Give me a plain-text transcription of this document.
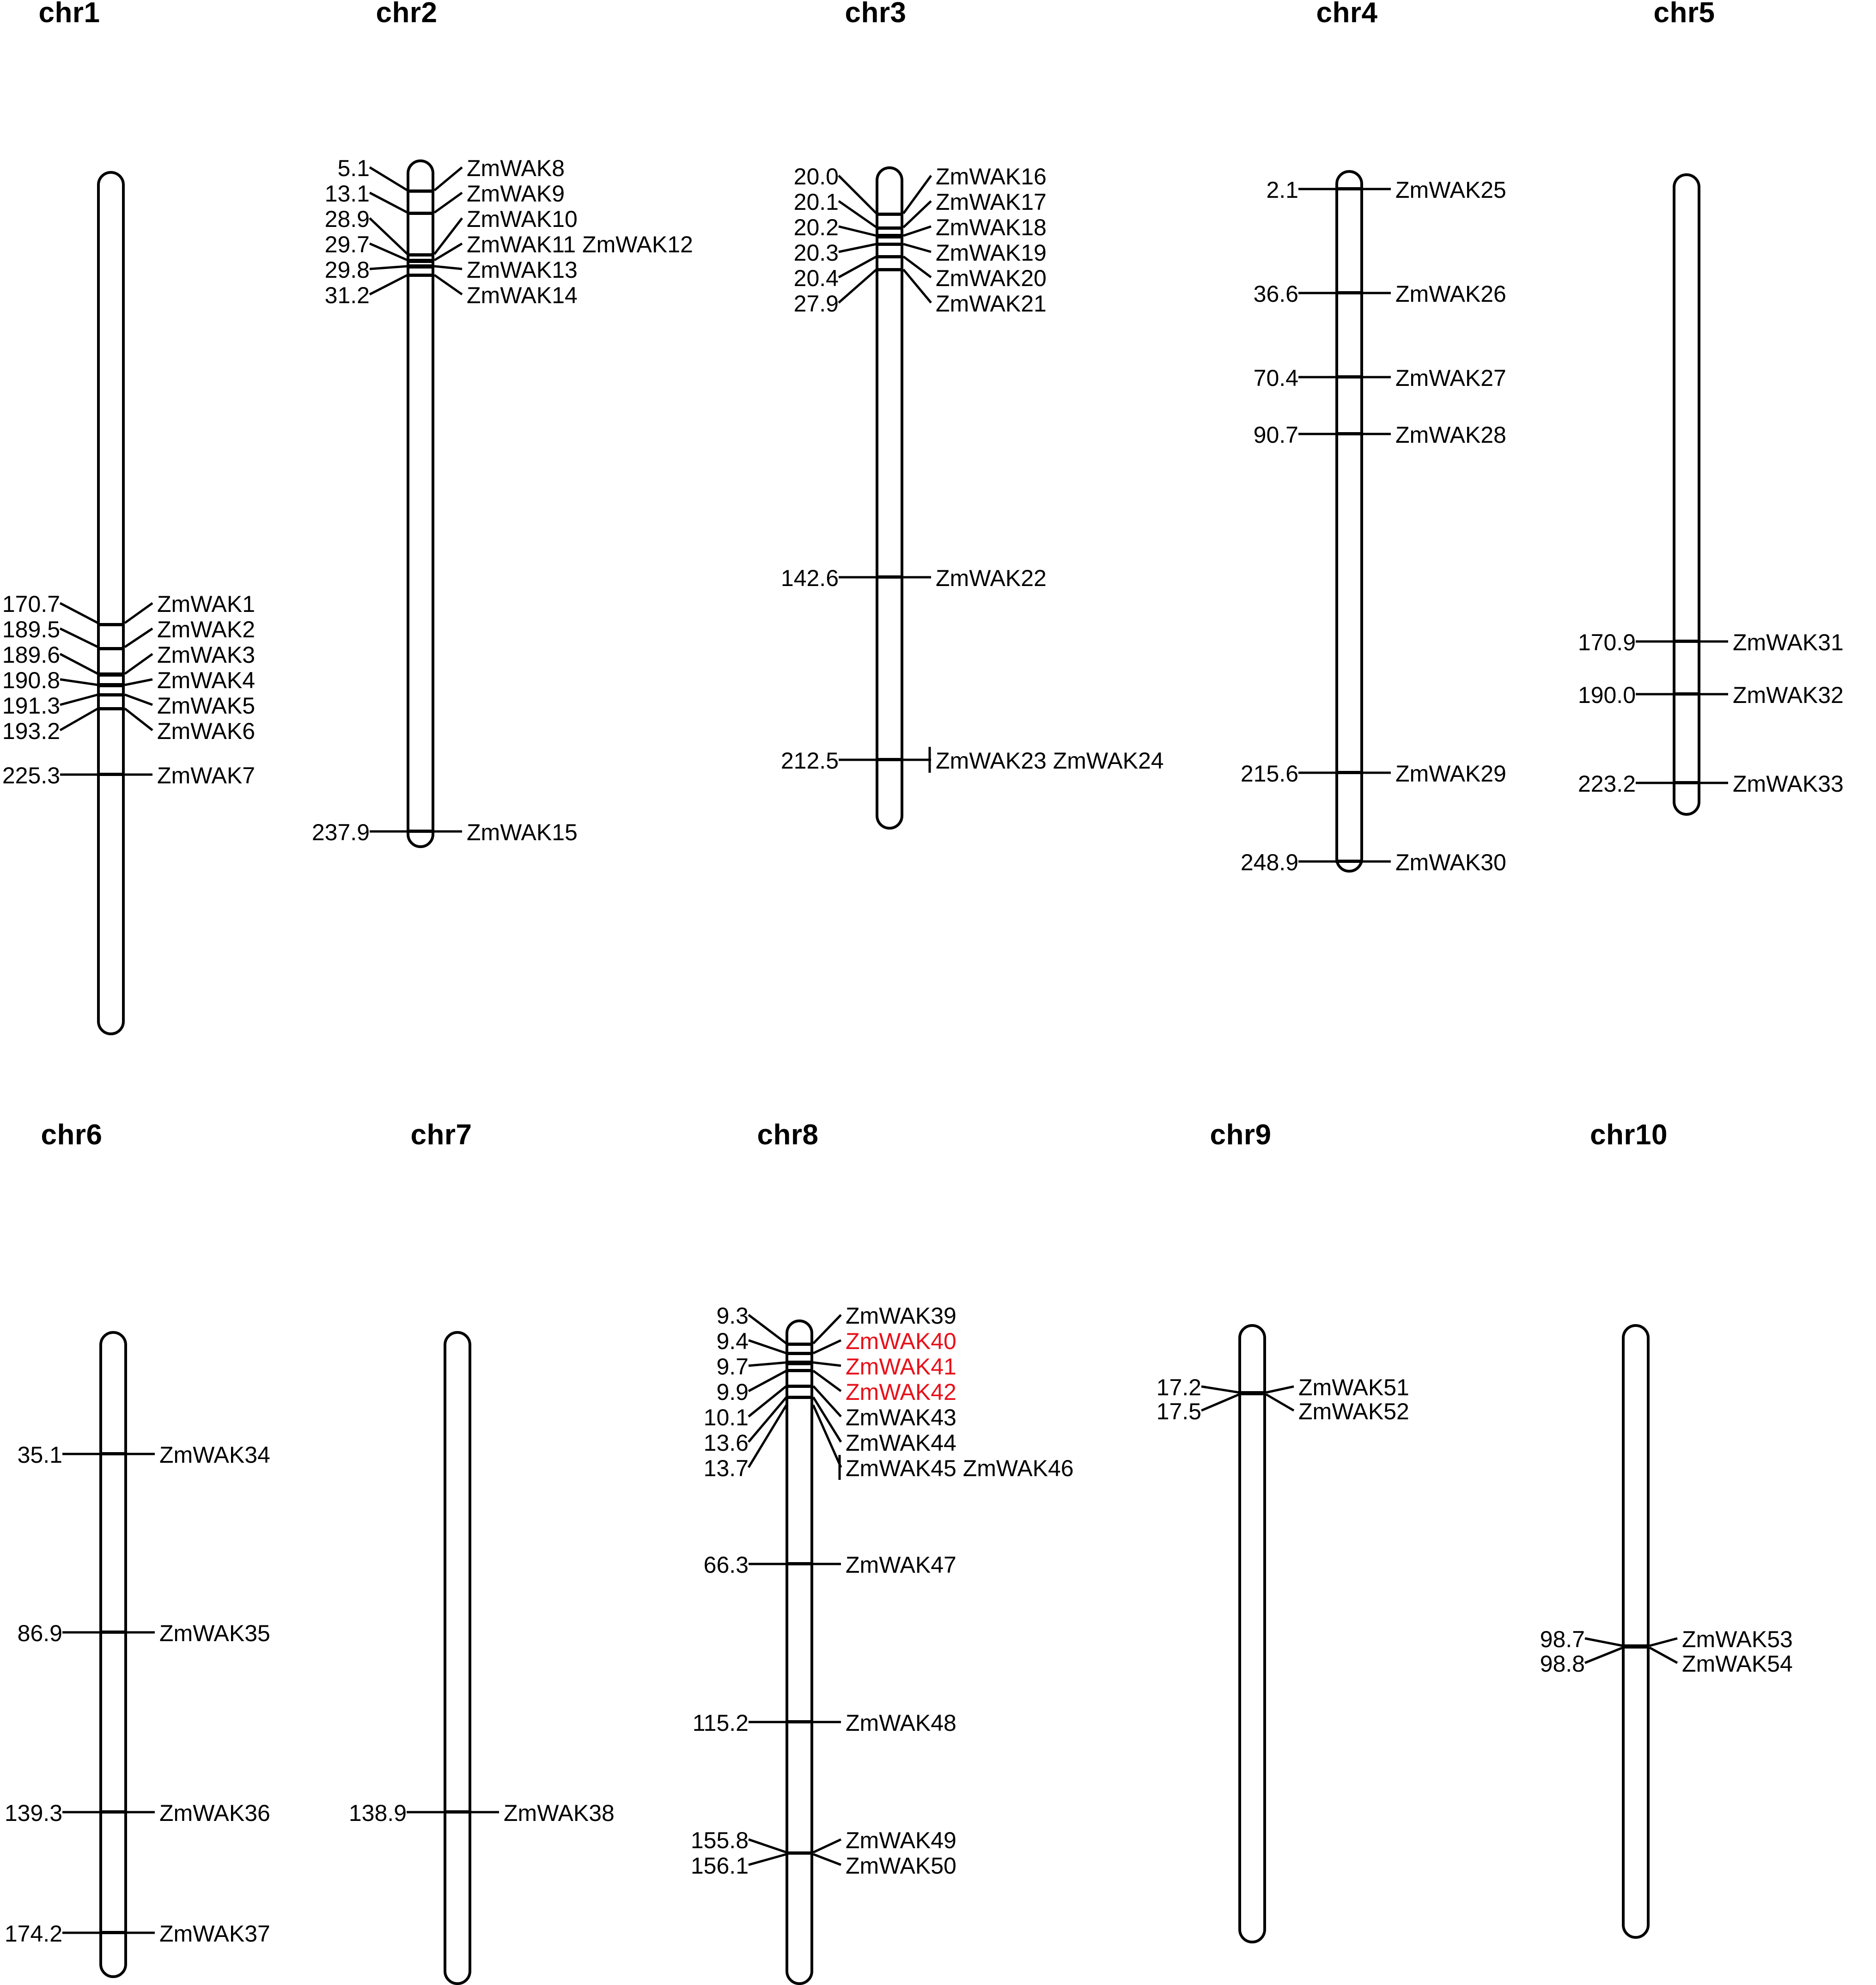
chr1
170.7	ZmWAK1
189.5	ZmWAK2
189.6	ZmWAK3
190.8	ZmWAK4
191.3	ZmWAK5
193.2	ZmWAK6
225.3	ZmWAK7
chr2
5.1	ZmWAK8
13.1	ZmWAK9
28.9	ZmWAK10
29.7	ZmWAK11 ZmWAK12
29.8	ZmWAK13
31.2	ZmWAK14
237.9	ZmWAK15
chr3
20.0	ZmWAK16
20.1	ZmWAK17
20.2	ZmWAK18
20.3	ZmWAK19
20.4	ZmWAK20
27.9	ZmWAK21
142.6	ZmWAK22
212.5	ZmWAK23 ZmWAK24
chr4
2.1	ZmWAK25
36.6	ZmWAK26
70.4	ZmWAK27
90.7	ZmWAK28
215.6	ZmWAK29
248.9	ZmWAK30
chr5
170.9	ZmWAK31
190.0	ZmWAK32
223.2	ZmWAK33
chr6
35.1	ZmWAK34
86.9	ZmWAK35
139.3	ZmWAK36
174.2	ZmWAK37
chr7
138.9	ZmWAK38
chr8
9.3	ZmWAK39
9.4	ZmWAK40
9.7	ZmWAK41
9.9	ZmWAK42
10.1	ZmWAK43
13.6	ZmWAK44
13.7	ZmWAK45 ZmWAK46
66.3	ZmWAK47
115.2	ZmWAK48
155.8	ZmWAK49
156.1	ZmWAK50
chr9
17.2	ZmWAK51
17.5	ZmWAK52
chr10
98.7	ZmWAK53
98.8	ZmWAK54
